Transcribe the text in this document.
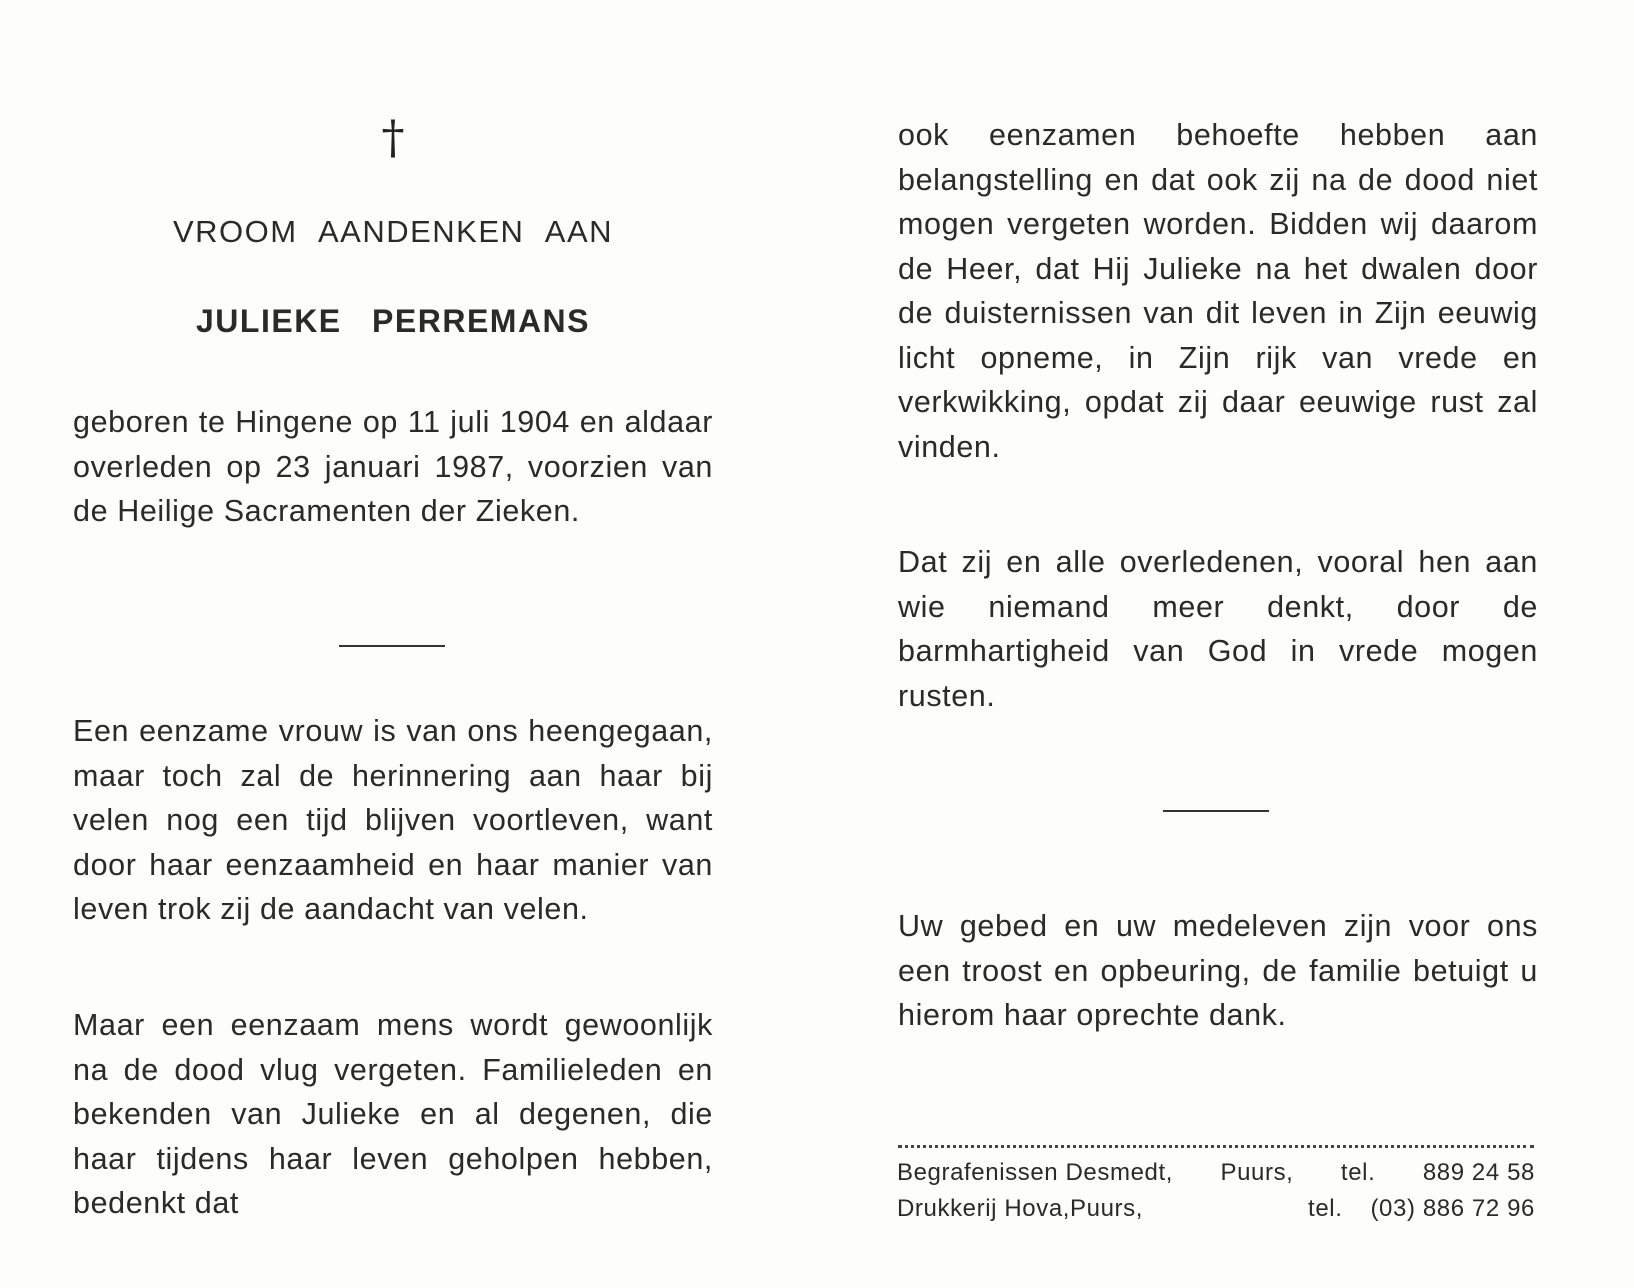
†
VROOM AANDENKEN AAN
JULIEKE PERREMANS

geboren te Hingene op 11 juli 1904 en aldaar overleden op 23 januari 1987, voorzien van de Heilige Sacramenten der Zieken.

Een eenzame vrouw is van ons heengegaan, maar toch zal de herinnering aan haar bij velen nog een tijd blijven voortleven, want door haar eenzaamheid en haar manier van leven trok zij de aandacht van velen.

Maar een eenzaam mens wordt gewoonlijk na de dood vlug vergeten. Familieleden en bekenden van Julieke en al degenen, die haar tijdens haar leven geholpen hebben, bedenkt dat

ook eenzamen behoefte hebben aan belangstelling en dat ook zij na de dood niet mogen vergeten worden. Bidden wij daarom de Heer, dat Hij Julieke na het dwalen door de duisternissen van dit leven in Zijn eeuwig licht opneme, in Zijn rijk van vrede en verkwikking, opdat zij daar eeuwige rust zal vinden.

Dat zij en alle overledenen, vooral hen aan wie niemand meer denkt, door de barmhartigheid van God in vrede mogen rusten.

Uw gebed en uw medeleven zijn voor ons een troost en opbeuring, de familie betuigt u hierom haar oprechte dank.

Begrafenissen Desmedt, Puurs, tel. 889 24 58
Drukkerij Hova, Puurs,	tel. (03) 886 72 96
